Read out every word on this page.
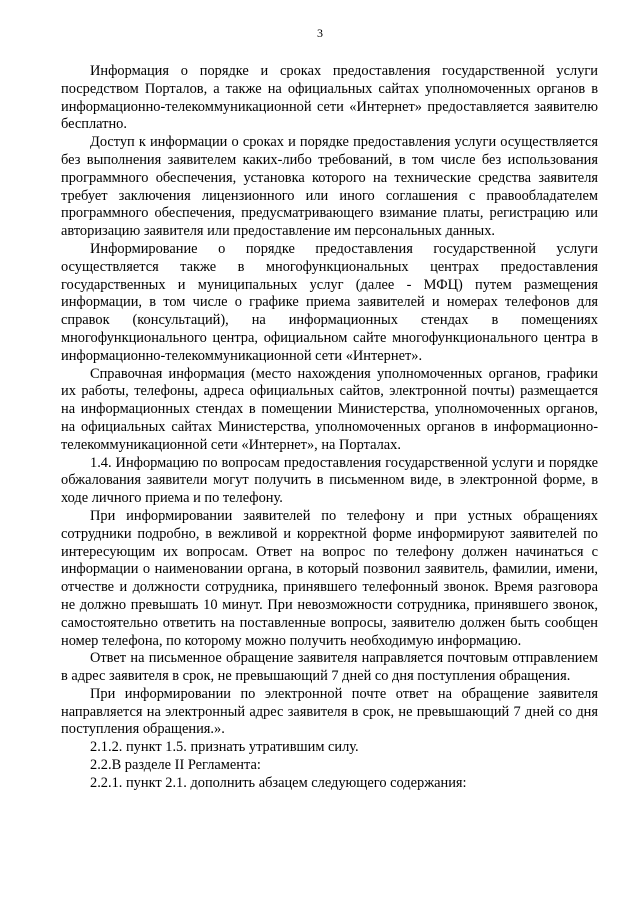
3

Информация о порядке и сроках предоставления государственной услуги посредством Порталов, а также на официальных сайтах уполномоченных органов в информационно-телекоммуникационной сети «Интернет» предоставляется заявителю бесплатно.

Доступ к информации о сроках и порядке предоставления услуги осуществляется без выполнения заявителем каких-либо требований, в том числе без использования программного обеспечения, установка которого на технические средства заявителя требует заключения лицензионного или иного соглашения с правообладателем программного обеспечения, предусматривающего взимание платы, регистрацию или авторизацию заявителя или предоставление им персональных данных.

Информирование о порядке предоставления государственной услуги осуществляется также в многофункциональных центрах предоставления государственных и муниципальных услуг (далее - МФЦ) путем размещения информации, в том числе о графике приема заявителей и номерах телефонов для справок (консультаций), на информационных стендах в помещениях многофункционального центра, официальном сайте многофункционального центра в информационно-телекоммуникационной сети «Интернет».

Справочная информация (место нахождения уполномоченных органов, графики их работы, телефоны, адреса официальных сайтов, электронной почты) размещается на информационных стендах в помещении Министерства, уполномоченных органов, на официальных сайтах Министерства, уполномоченных органов в информационно-телекоммуникационной сети «Интернет», на Порталах.

1.4. Информацию по вопросам предоставления государственной услуги и порядке обжалования заявители могут получить в письменном виде, в электронной форме, в ходе личного приема и по телефону.

При информировании заявителей по телефону и при устных обращениях сотрудники подробно, в вежливой и корректной форме информируют заявителей по интересующим их вопросам. Ответ на вопрос по телефону должен начинаться с информации о наименовании органа, в который позвонил заявитель, фамилии, имени, отчестве и должности сотрудника, принявшего телефонный звонок. Время разговора не должно превышать 10 минут. При невозможности сотрудника, принявшего звонок, самостоятельно ответить на поставленные вопросы, заявителю должен быть сообщен номер телефона, по которому можно получить необходимую информацию.

Ответ на письменное обращение заявителя направляется почтовым отправлением в адрес заявителя в срок, не превышающий 7 дней со дня поступления обращения.

При информировании по электронной почте ответ на обращение заявителя направляется на электронный адрес заявителя в срок, не превышающий 7 дней со дня поступления обращения.».

2.1.2. пункт 1.5. признать утратившим силу.

2.2.В разделе II Регламента:

2.2.1. пункт 2.1. дополнить абзацем следующего содержания:
